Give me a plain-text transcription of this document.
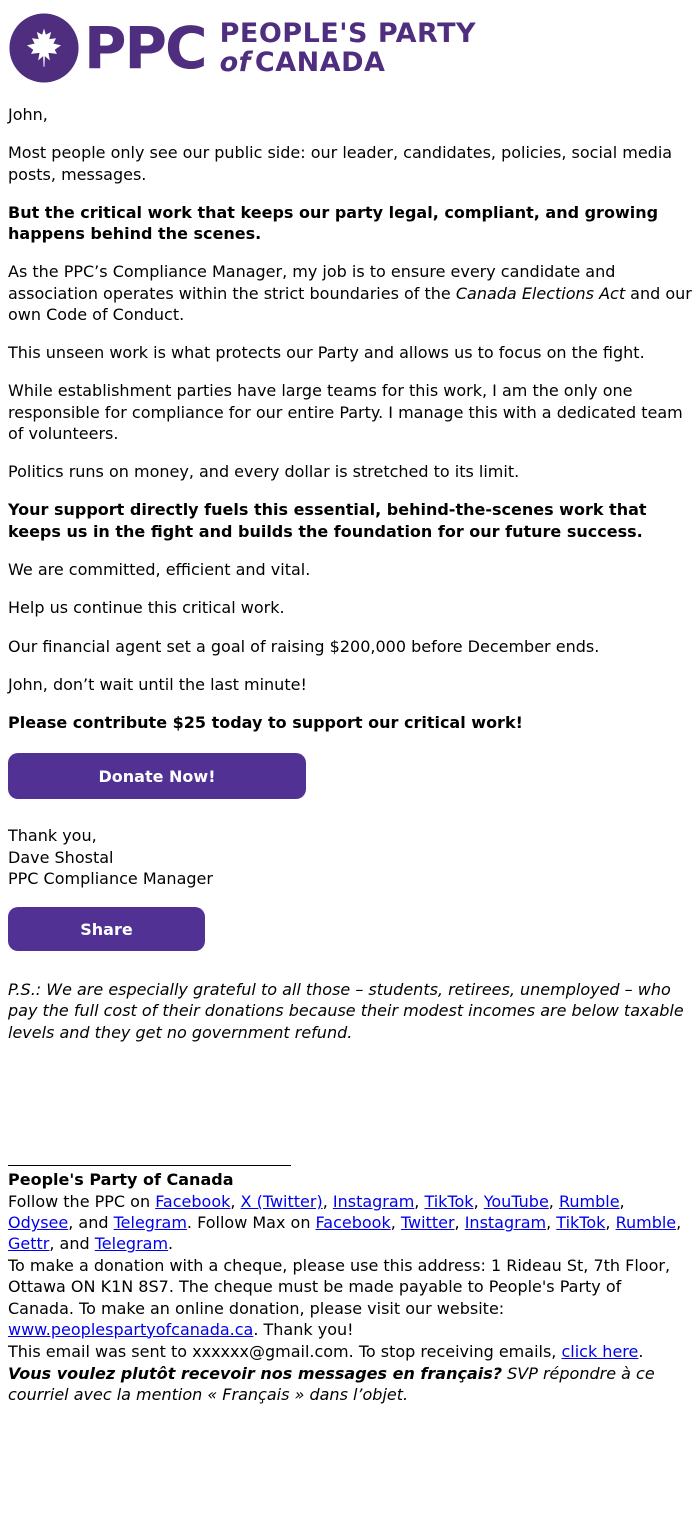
PPC PEOPLE'S PARTY
of CANADA

John,

Most people only see our public side: our leader, candidates, policies, social media posts, messages.

But the critical work that keeps our party legal, compliant, and growing happens behind the scenes.

As the PPC’s Compliance Manager, my job is to ensure every candidate and association operates within the strict boundaries of the Canada Elections Act and our own Code of Conduct.

This unseen work is what protects our Party and allows us to focus on the fight.

While establishment parties have large teams for this work, I am the only one responsible for compliance for our entire Party. I manage this with a dedicated team of volunteers.

Politics runs on money, and every dollar is stretched to its limit.

Your support directly fuels this essential, behind-the-scenes work that keeps us in the fight and builds the foundation for our future success.

We are committed, efficient and vital.

Help us continue this critical work.

Our financial agent set a goal of raising $200,000 before December ends.

John, don’t wait until the last minute!

Please contribute $25 today to support our critical work!

Donate Now!

Thank you,
Dave Shostal
PPC Compliance Manager

Share

P.S.: We are especially grateful to all those – students, retirees, unemployed – who pay the full cost of their donations because their modest incomes are below taxable levels and they get no government refund.

People's Party of Canada
Follow the PPC on Facebook, X (Twitter), Instagram, TikTok, YouTube, Rumble, Odysee, and Telegram. Follow Max on Facebook, Twitter, Instagram, TikTok, Rumble, Gettr, and Telegram.
To make a donation with a cheque, please use this address: 1 Rideau St, 7th Floor, Ottawa ON K1N 8S7. The cheque must be made payable to People's Party of Canada. To make an online donation, please visit our website: www.peoplespartyofcanada.ca. Thank you!
This email was sent to xxxxxx@gmail.com. To stop receiving emails, click here.
Vous voulez plutôt recevoir nos messages en français? SVP répondre à ce courriel avec la mention « Français » dans l’objet.
